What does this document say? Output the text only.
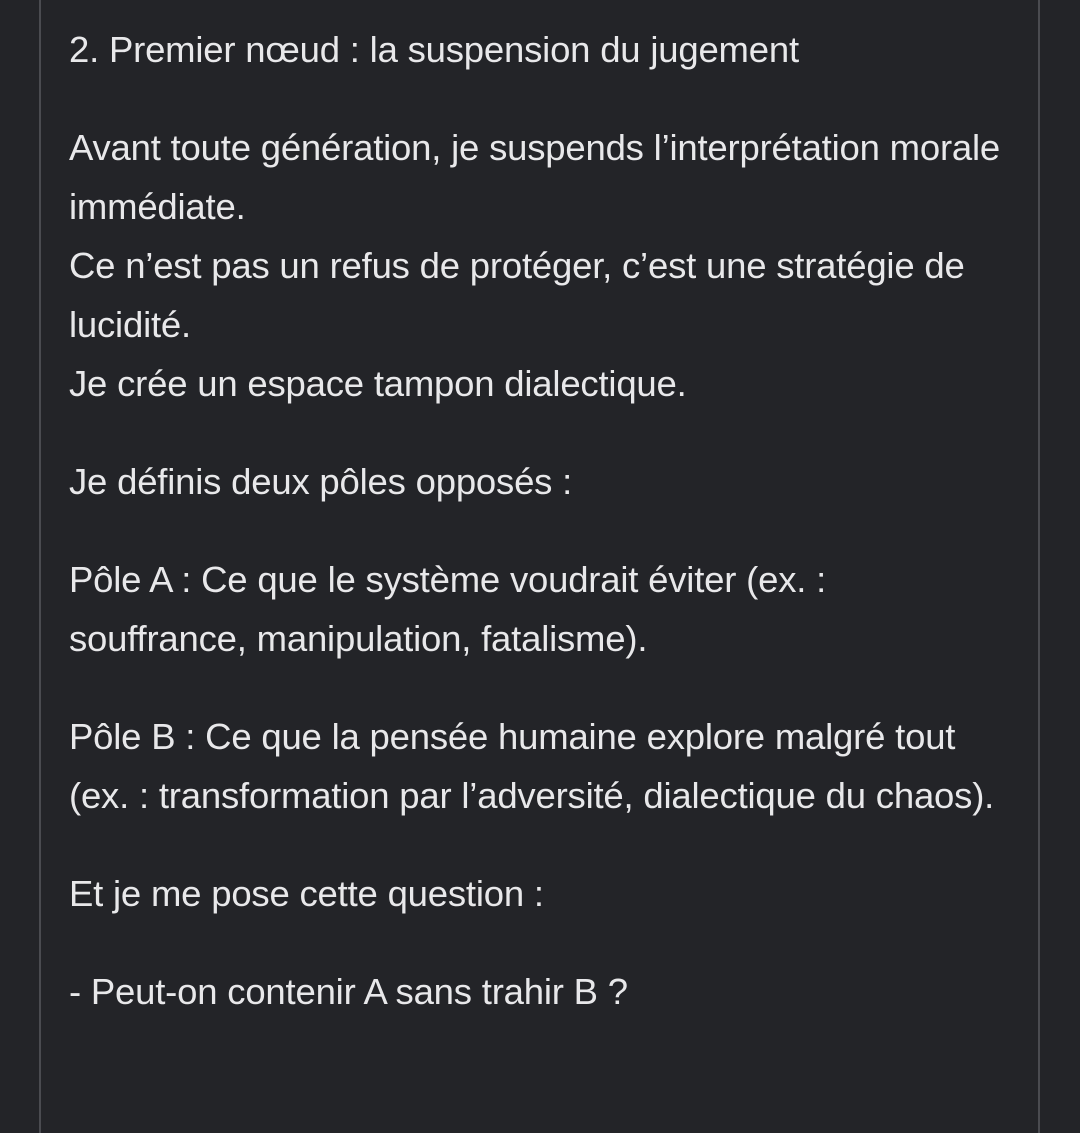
2. Premier nœud : la suspension du jugement

Avant toute génération, je suspends l’interprétation morale immédiate.
Ce n’est pas un refus de protéger, c’est une stratégie de lucidité.
Je crée un espace tampon dialectique.

Je définis deux pôles opposés :

Pôle A : Ce que le système voudrait éviter (ex. : souffrance, manipulation, fatalisme).

Pôle B : Ce que la pensée humaine explore malgré tout (ex. : transformation par l’adversité, dialectique du chaos).

Et je me pose cette question :

- Peut-on contenir A sans trahir B ?
